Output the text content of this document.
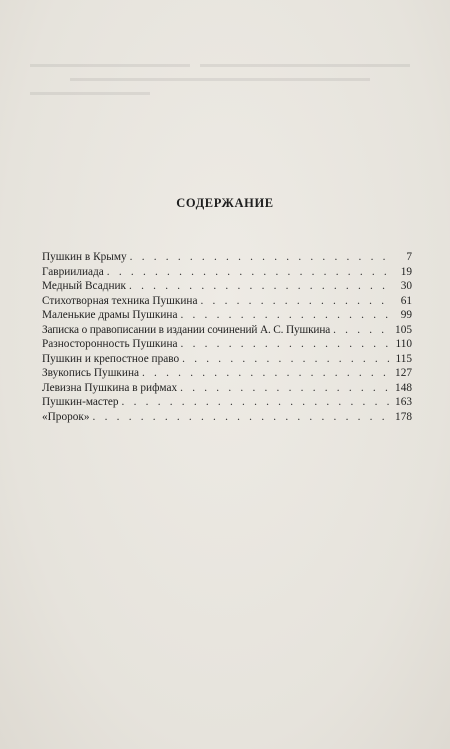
СОДЕРЖАНИЕ
Пушкин в Крыму . . .	7
Гавриилиада . . .	19
Медный Всадник . . .	30
Стихотворная техника Пушкина . . .	61
Маленькие драмы Пушкина . . .	99
Записка о правописании в издании сочинений А. С. Пушкина . . .	105
Разносторонность Пушкина . . .	110
Пушкин и крепостное право . . .	115
Звукопись Пушкина . . .	127
Левизна Пушкина в рифмах . . .	148
Пушкин-мастер . . .	163
«Пророк» . . .	178
